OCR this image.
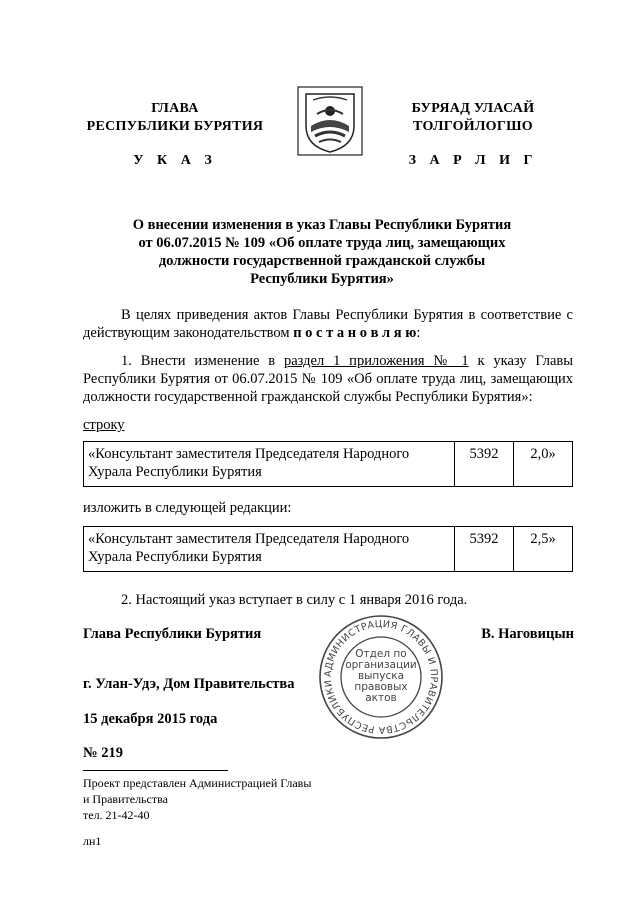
ГЛАВА
РЕСПУБЛИКИ БУРЯТИЯ
У К А З
БУРЯАД УЛАСАЙ
ТОЛГОЙЛОГШО
З А Р Л И Г
О внесении изменения в указ Главы Республики Бурятия
от 06.07.2015 № 109 «Об оплате труда лиц, замещающих
должности государственной гражданской службы
Республики Бурятия»
В целях приведения актов Главы Республики Бурятия в соответствие с действующим законодательством п о с т а н о в л я ю:
1. Внести изменение в раздел 1 приложения № 1 к указу Главы Республики Бурятия от 06.07.2015 № 109 «Об оплате труда лиц, замещающих должности государственной гражданской службы Республики Бурятия»:
строку
«Консультант заместителя Председателя Народного Хурала Республики Бурятия	5392	2,0»
изложить в следующей редакции:
«Консультант заместителя Председателя Народного Хурала Республики Бурятия	5392	2,5»
2. Настоящий указ вступает в силу с 1 января 2016 года.
Глава Республики Бурятия	В. Наговицын
г. Улан-Удэ, Дом Правительства
15 декабря 2015 года
№ 219
АДМИНИСТРАЦИЯ ГЛАВЫ И ПРАВИТЕЛЬСТВА РЕСПУБЛИКИ
Отдел по
организации
выпуска
правовых
актов
Проект представлен Администрацией Главы
и Правительства
тел. 21-42-40
лн1
